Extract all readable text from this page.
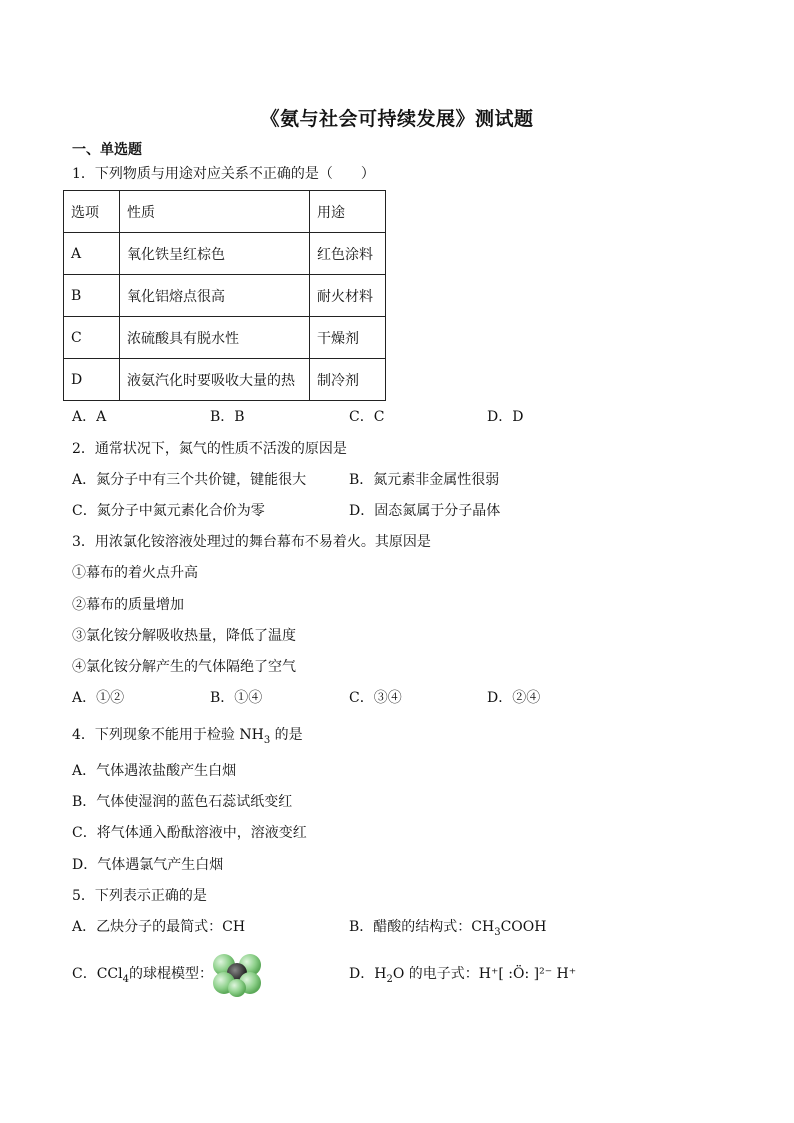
《氨与社会可持续发展》测试题
一、单选题
1．下列物质与用途对应关系不正确的是（　　）
选项	性质	用途
A	氧化铁呈红棕色	红色涂料
B	氧化铝熔点很高	耐火材料
C	浓硫酸具有脱水性	干燥剂
D	液氨汽化时要吸收大量的热	制冷剂
A．A	B．B	C．C	D．D
2．通常状况下，氮气的性质不活泼的原因是
A．氮分子中有三个共价键，键能很大	B．氮元素非金属性很弱
C．氮分子中氮元素化合价为零	D．固态氮属于分子晶体
3．用浓氯化铵溶液处理过的舞台幕布不易着火。其原因是
①幕布的着火点升高
②幕布的质量增加
③氯化铵分解吸收热量，降低了温度
④氯化铵分解产生的气体隔绝了空气
A．①②	B．①④	C．③④	D．②④
4．下列现象不能用于检验 $NH_3$ 的是
A．气体遇浓盐酸产生白烟
B．气体使湿润的蓝色石蕊试纸变红
C．将气体通入酚酞溶液中，溶液变红
D．气体遇氯气产生白烟
5．下列表示正确的是
A．乙炔分子的最简式：CH	B．醋酸的结构式：$CH_3COOH$
C．CCl$_4$的球棍模型：	D．$H_2O$ 的电子式：H⁺[ :Ö: ]²⁻ H⁺
